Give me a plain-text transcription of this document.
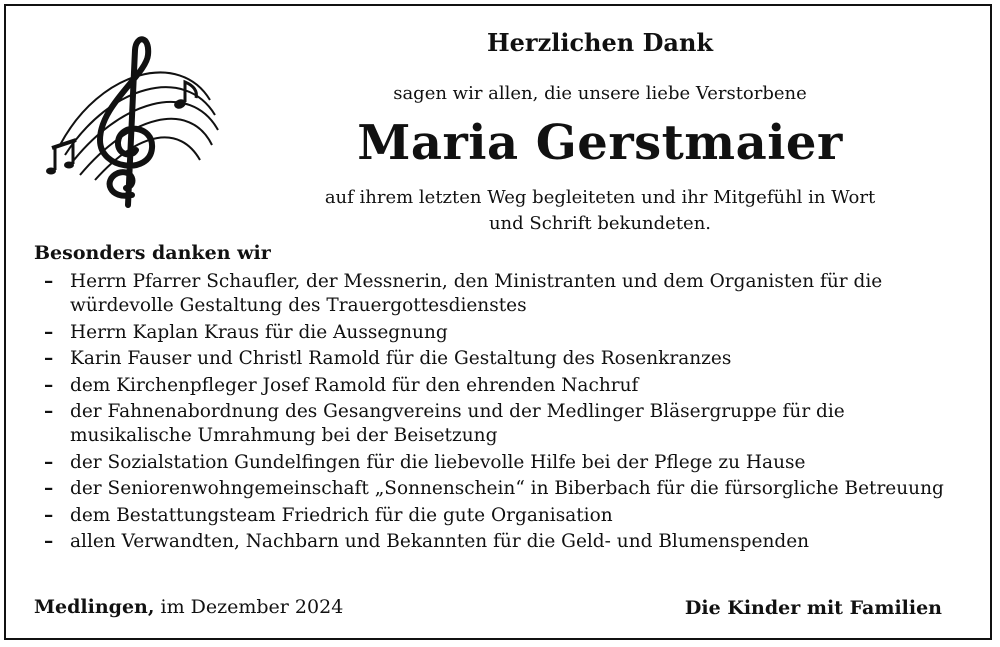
Herzlichen Dank
sagen wir allen, die unsere liebe Verstorbene
Maria Gerstmaier
auf ihrem letzten Weg begleiteten und ihr Mitgefühl in Wort
und Schrift bekundeten.
Besonders danken wir
– Herrn Pfarrer Schaufler, der Messnerin, den Ministranten und dem Organisten für die würdevolle Gestaltung des Trauergottesdienstes
– Herrn Kaplan Kraus für die Aussegnung
– Karin Fauser und Christl Ramold für die Gestaltung des Rosenkranzes
– dem Kirchenpfleger Josef Ramold für den ehrenden Nachruf
– der Fahnenabordnung des Gesangvereins und der Medlinger Bläsergruppe für die musikalische Umrahmung bei der Beisetzung
– der Sozialstation Gundelfingen für die liebevolle Hilfe bei der Pflege zu Hause
– der Seniorenwohngemeinschaft „Sonnenschein“ in Biberbach für die fürsorgliche Betreuung
– dem Bestattungsteam Friedrich für die gute Organisation
– allen Verwandten, Nachbarn und Bekannten für die Geld- und Blumenspenden
Medlingen, im Dezember 2024	Die Kinder mit Familien
